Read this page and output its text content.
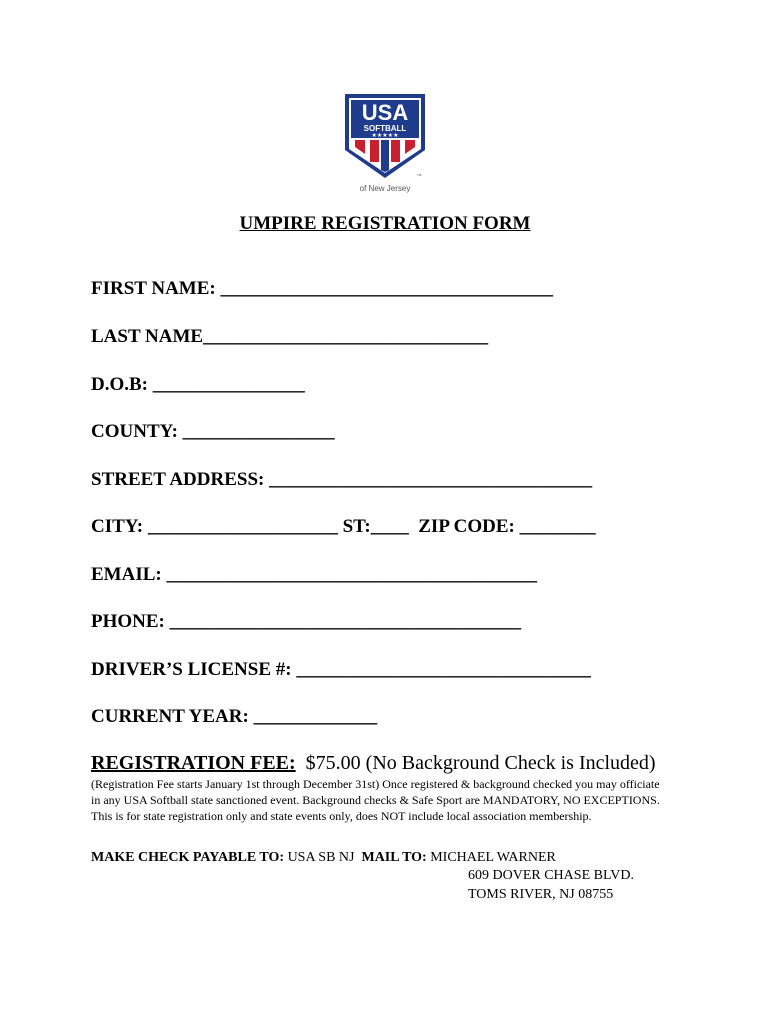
★★★★★
USA
SOFTBALL
TM
of New Jersey
UMPIRE REGISTRATION FORM
FIRST NAME: ___________________________________
LAST NAME______________________________
D.O.B: ________________
COUNTY: ________________
STREET ADDRESS: __________________________________
CITY: ____________________ ST:____  ZIP CODE: ________
EMAIL: _______________________________________
PHONE: _____________________________________
DRIVER’S LICENSE #: _______________________________
CURRENT YEAR: _____________
REGISTRATION FEE:  $75.00 (No Background Check is Included)
(Registration Fee starts January 1st through December 31st) Once registered & background checked you may officiate in any USA Softball state sanctioned event. Background checks & Safe Sport are MANDATORY, NO EXCEPTIONS. This is for state registration only and state events only, does NOT include local association membership.
MAKE CHECK PAYABLE TO: USA SB NJ  MAIL TO: MICHAEL WARNER
609 DOVER CHASE BLVD.
TOMS RIVER, NJ 08755
